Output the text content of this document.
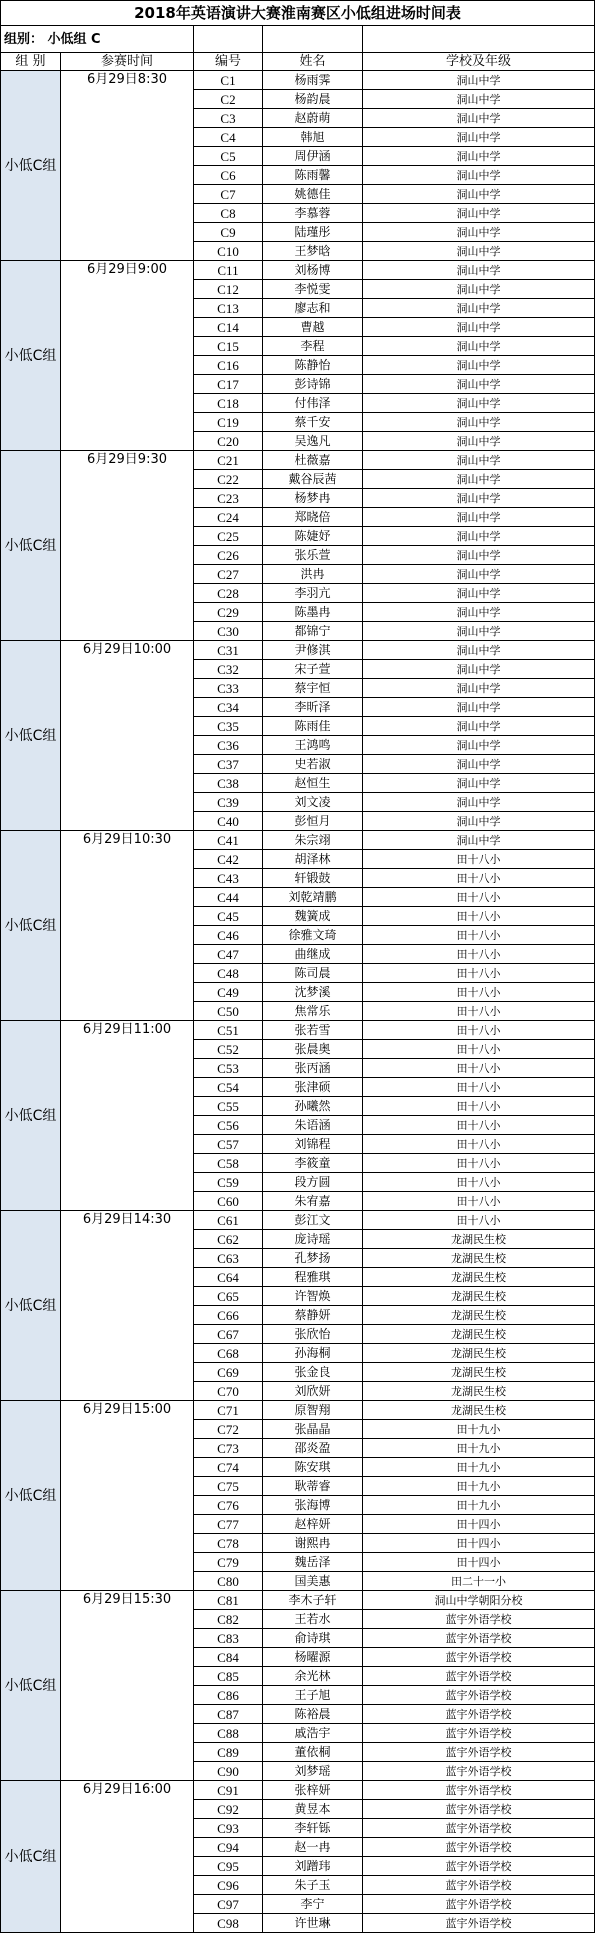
2018年英语演讲大赛淮南赛区小低组进场时间表				
组别： 小低组 C				
组 别	参赛时间	编号	姓名	学校及年级
小低C组	6月29日8:30	C1	杨雨霁	洞山中学
		C2	杨韵晨	洞山中学
		C3	赵蔚萌	洞山中学
		C4	韩旭	洞山中学
		C5	周伊涵	洞山中学
		C6	陈雨馨	洞山中学
		C7	姚德佳	洞山中学
		C8	李慕蓉	洞山中学
		C9	陆瑾彤	洞山中学
		C10	王梦晗	洞山中学
小低C组	6月29日9:00	C11	刘杨博	洞山中学
		C12	李悦雯	洞山中学
		C13	廖志和	洞山中学
		C14	曹越	洞山中学
		C15	李程	洞山中学
		C16	陈静怡	洞山中学
		C17	彭诗锦	洞山中学
		C18	付伟泽	洞山中学
		C19	蔡千安	洞山中学
		C20	吴逸凡	洞山中学
小低C组	6月29日9:30	C21	杜薇嘉	洞山中学
		C22	戴谷辰茜	洞山中学
		C23	杨梦冉	洞山中学
		C24	郑晓倍	洞山中学
		C25	陈婕妤	洞山中学
		C26	张乐萱	洞山中学
		C27	洪冉	洞山中学
		C28	李羽亢	洞山中学
		C29	陈墨冉	洞山中学
		C30	都锦宁	洞山中学
小低C组	6月29日10:00	C31	尹修淇	洞山中学
		C32	宋子萱	洞山中学
		C33	蔡宇恒	洞山中学
		C34	李昕泽	洞山中学
		C35	陈雨佳	洞山中学
		C36	王鸿鸣	洞山中学
		C37	史若淑	洞山中学
		C38	赵恒生	洞山中学
		C39	刘文凌	洞山中学
		C40	彭恒月	洞山中学
小低C组	6月29日10:30	C41	朱宗翊	洞山中学
		C42	胡泽林	田十八小
		C43	轩锻鼓	田十八小
		C44	刘乾靖鹏	田十八小
		C45	魏簧成	田十八小
		C46	徐雅文琦	田十八小
		C47	曲继成	田十八小
		C48	陈司晨	田十八小
		C49	沈梦溪	田十八小
		C50	焦常乐	田十八小
小低C组	6月29日11:00	C51	张若雪	田十八小
		C52	张晨奥	田十八小
		C53	张丙涵	田十八小
		C54	张津硕	田十八小
		C55	孙曦然	田十八小
		C56	朱语涵	田十八小
		C57	刘锦程	田十八小
		C58	李筱童	田十八小
		C59	段方圆	田十八小
		C60	朱宥嘉	田十八小
小低C组	6月29日14:30	C61	彭江文	田十八小
		C62	庞诗瑶	龙湖民生校
		C63	孔梦扬	龙湖民生校
		C64	程雅琪	龙湖民生校
		C65	许智焕	龙湖民生校
		C66	蔡静妍	龙湖民生校
		C67	张欣怡	龙湖民生校
		C68	孙海桐	龙湖民生校
		C69	张金良	龙湖民生校
		C70	刘欣妍	龙湖民生校
小低C组	6月29日15:00	C71	原智翔	龙湖民生校
		C72	张晶晶	田十九小
		C73	邵炎盈	田十九小
		C74	陈安琪	田十九小
		C75	耿蒂睿	田十九小
		C76	张海博	田十九小
		C77	赵梓妍	田十四小
		C78	谢熙冉	田十四小
		C79	魏岳泽	田十四小
		C80	国美惠	田二十一小
小低C组	6月29日15:30	C81	李木子轩	洞山中学朝阳分校
		C82	王若水	蓝宇外语学校
		C83	俞诗琪	蓝宇外语学校
		C84	杨曜源	蓝宇外语学校
		C85	余光林	蓝宇外语学校
		C86	王子旭	蓝宇外语学校
		C87	陈裕晨	蓝宇外语学校
		C88	戚浩宇	蓝宇外语学校
		C89	董依桐	蓝宇外语学校
		C90	刘梦瑶	蓝宇外语学校
小低C组	6月29日16:00	C91	张梓妍	蓝宇外语学校
		C92	黄昱本	蓝宇外语学校
		C93	李轩铄	蓝宇外语学校
		C94	赵一冉	蓝宇外语学校
		C95	刘蹭玮	蓝宇外语学校
		C96	朱子玉	蓝宇外语学校
		C97	李宁	蓝宇外语学校
		C98	许世琳	蓝宇外语学校
